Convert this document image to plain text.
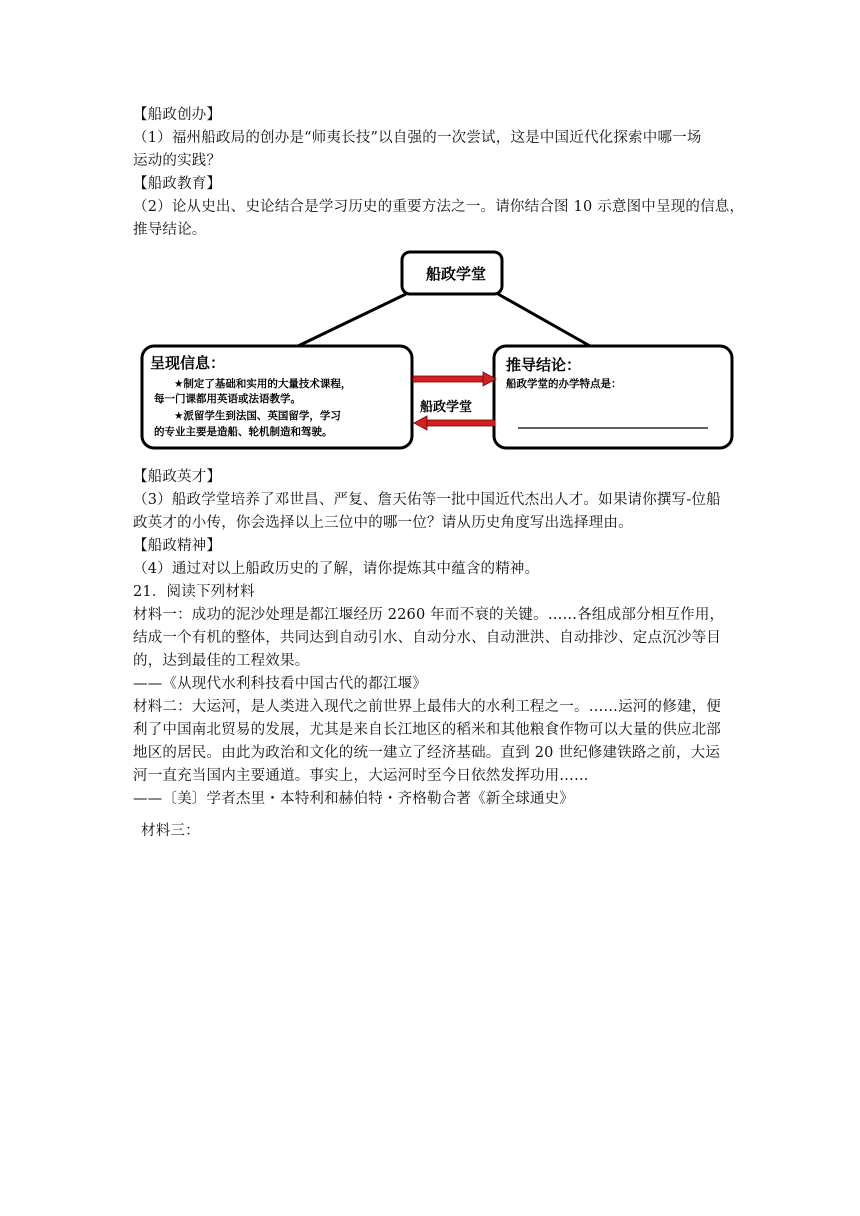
【船政创办】
（1）福州船政局的创办是“师夷长技”以自强的一次尝试，这是中国近代化探索中哪一场
运动的实践？
【船政教育】
（2）论从史出、史论结合是学习历史的重要方法之一。请你结合图 10 示意图中呈现的信息，
推导结论。
船政学堂
呈现信息：
★制定了基础和实用的大量技术课程，
每一门课都用英语或法语教学。
★派留学生到法国、英国留学，学习
的专业主要是造船、轮机制造和驾驶。
船政学堂
推导结论：
船政学堂的办学特点是：
【船政英才】
（3）船政学堂培养了邓世昌、严复、詹天佑等一批中国近代杰出人才。如果请你撰写-位船
政英才的小传，你会选择以上三位中的哪一位？请从历史角度写出选择理由。
【船政精神】
（4）通过对以上船政历史的了解，请你提炼其中蕴含的精神。
21．阅读下列材料
材料一：成功的泥沙处理是都江堰经历 2260 年而不衰的关键。……各组成部分相互作用，
结成一个有机的整体，共同达到自动引水、自动分水、自动泄洪、自动排沙、定点沉沙等目
的，达到最佳的工程效果。
——《从现代水利科技看中国古代的都江堰》
材料二：大运河，是人类进入现代之前世界上最伟大的水利工程之一。……运河的修建，便
利了中国南北贸易的发展，尤其是来自长江地区的稻米和其他粮食作物可以大量的供应北部
地区的居民。由此为政治和文化的统一建立了经济基础。直到 20 世纪修建铁路之前，大运
河一直充当国内主要通道。事实上，大运河时至今日依然发挥功用……
——〔美〕学者杰里・本特利和赫伯特・齐格勒合著《新全球通史》
材料三：
